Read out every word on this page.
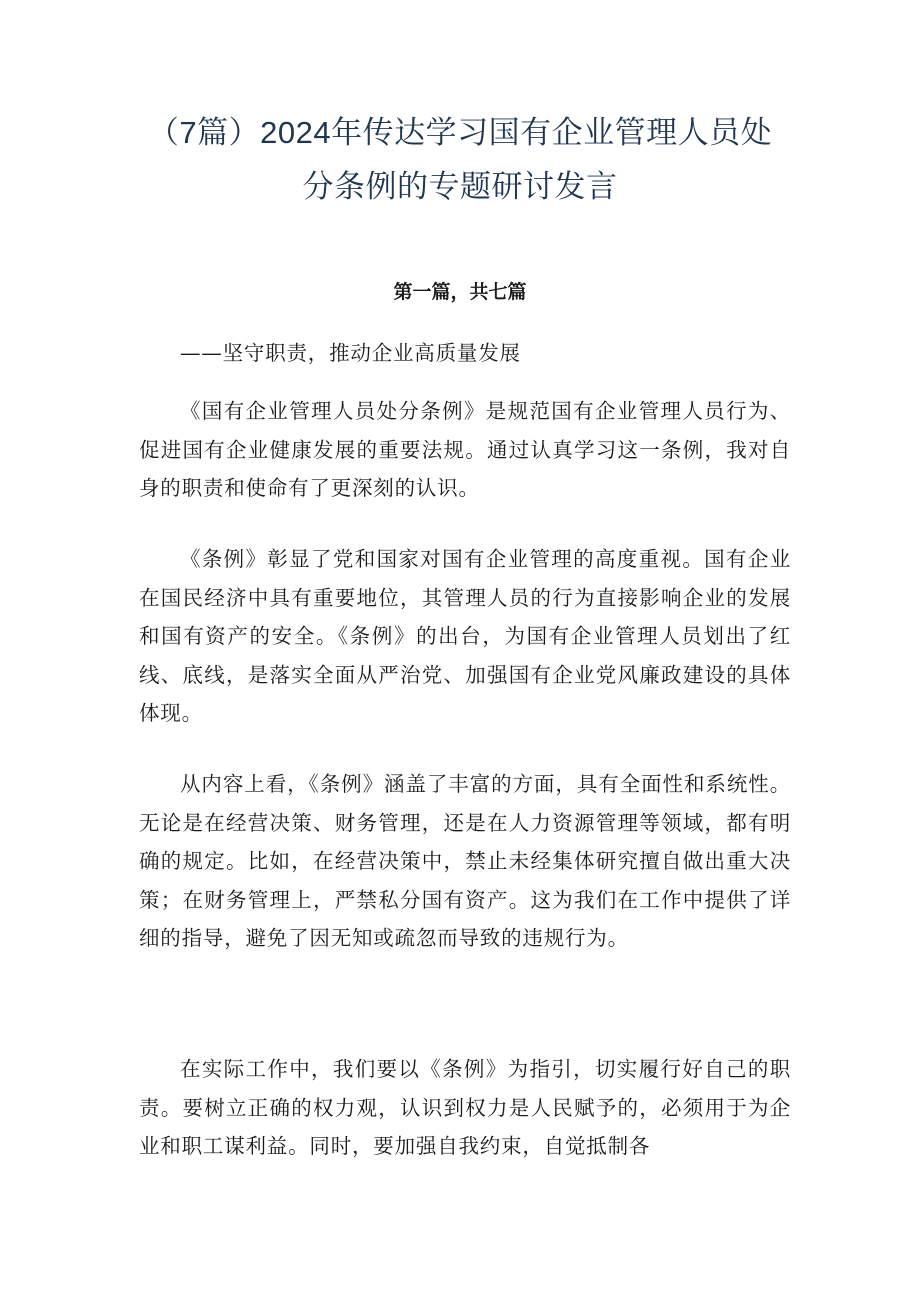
（7篇）2024年传达学习国有企业管理人员处分条例的专题研讨发言
第一篇，共七篇
——坚守职责，推动企业高质量发展
《国有企业管理人员处分条例》是规范国有企业管理人员行为、促进国有企业健康发展的重要法规。通过认真学习这一条例，我对自身的职责和使命有了更深刻的认识。
《条例》彰显了党和国家对国有企业管理的高度重视。国有企业在国民经济中具有重要地位，其管理人员的行为直接影响企业的发展和国有资产的安全。《条例》的出台，为国有企业管理人员划出了红线、底线，是落实全面从严治党、加强国有企业党风廉政建设的具体体现。
从内容上看，《条例》涵盖了丰富的方面，具有全面性和系统性。无论是在经营决策、财务管理，还是在人力资源管理等领域，都有明确的规定。比如，在经营决策中，禁止未经集体研究擅自做出重大决策；在财务管理上，严禁私分国有资产。这为我们在工作中提供了详细的指导，避免了因无知或疏忽而导致的违规行为。
在实际工作中，我们要以《条例》为指引，切实履行好自己的职责。要树立正确的权力观，认识到权力是人民赋予的，必须用于为企业和职工谋利益。同时，要加强自我约束，自觉抵制各
